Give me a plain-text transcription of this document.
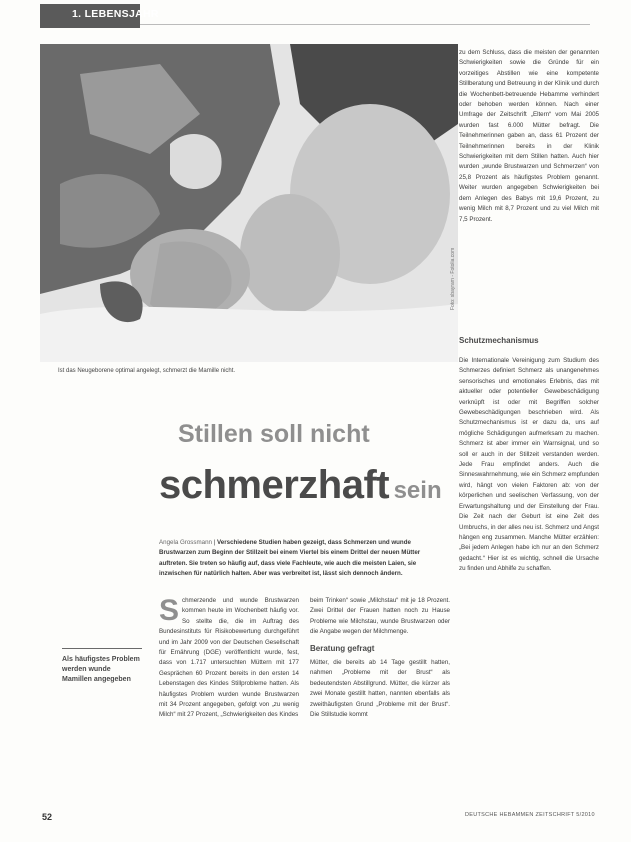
1. LEBENSJAHR
Foto: sbayram - Fotolia.com
Ist das Neugeborene optimal angelegt, schmerzt die Mamille nicht.
Stillen soll nicht
schmerzhaft sein
Angela Grossmann | Verschiedene Studien haben gezeigt, dass Schmerzen und wunde Brustwarzen zum Beginn der Stillzeit bei einem Viertel bis einem Drittel der neuen Mütter auftreten. Sie treten so häufig auf, dass viele Fachleute, wie auch die meisten Laien, sie inzwischen für natürlich halten. Aber was verbreitet ist, lässt sich dennoch ändern.
Als häufigstes Problem werden wunde Mamillen angegeben
S chmerzende und wunde Brustwarzen kommen heute im Wochenbett häufig vor. So stellte die, die im Auftrag des Bundesinstituts für Risikobewertung durchgeführt und im Jahr 2009 von der Deutschen Gesellschaft für Ernährung (DGE) veröffentlicht wurde, fest, dass von 1.717 untersuchten Müttern mit 177 Gesprächen 60 Prozent bereits in den ersten 14 Lebenstagen des Kindes Stillprobleme hatten. Als häufigstes Problem wurden wunde Brustwarzen mit 34 Prozent angegeben, gefolgt von „zu wenig Milch“ mit 27 Prozent, „Schwierigkeiten des Kindes

beim Trinken“ sowie „Milchstau“ mit je 18 Prozent. Zwei Drittel der Frauen hatten noch zu Hause Probleme wie Milchstau, wunde Brustwarzen oder die Angabe wegen der Milchmenge.

Beratung gefragt

Mütter, die bereits ab 14 Tage gestillt hatten, nahmen „Probleme mit der Brust“ als bedeutendsten Abstillgrund. Mütter, die kürzer als zwei Monate gestillt hatten, nannten ebenfalls als zweithäufigsten Grund „Probleme mit der Brust“. Die Stillstudie kommt

zu dem Schluss, dass die meisten der genannten Schwierigkeiten sowie die Gründe für ein vorzeitiges Abstillen wie eine kompetente Stillberatung und Betreuung in der Klinik und durch die Wochenbett-betreuende Hebamme verhindert oder behoben werden können. Nach einer Umfrage der Zeitschrift „Eltern“ vom Mai 2005 wurden fast 6.000 Mütter befragt. Die Teilnehmerinnen gaben an, dass 61 Prozent der Teilnehmerinnen bereits in der Klinik Schwierigkeiten mit dem Stillen hatten. Auch hier wurden „wunde Brustwarzen und Schmerzen“ von 25,8 Prozent als häufigstes Problem genannt. Weiter wurden angegeben Schwierigkeiten bei dem Anlegen des Babys mit 19,6 Prozent, zu wenig Milch mit 8,7 Prozent und zu viel Milch mit 7,5 Prozent.

Schutzmechanismus

Die Internationale Vereinigung zum Studium des Schmerzes definiert Schmerz als unangenehmes sensorisches und emotionales Erlebnis, das mit aktueller oder potentieller Gewebeschädigung verknüpft ist oder mit Begriffen solcher Gewebeschädigungen beschrieben wird. Als Schutzmechanismus ist er dazu da, uns auf mögliche Schädigungen aufmerksam zu machen. Schmerz ist aber immer ein Warnsignal, und so soll er auch in der Stillzeit verstanden werden. Jede Frau empfindet anders. Auch die Sinneswahrnehmung, wie ein Schmerz empfunden wird, hängt von vielen Faktoren ab: von der körperlichen und seelischen Verfassung, von der Erwartungshaltung und der Einstellung der Frau. Die Zeit nach der Geburt ist eine Zeit des Umbruchs, in der alles neu ist. Schmerz und Angst hängen eng zusammen. Manche Mütter erzählen: „Bei jedem Anlegen habe ich nur an den Schmerz gedacht.“ Hier ist es wichtig, schnell die Ursache zu finden und Abhilfe zu schaffen.

52	DEUTSCHE HEBAMMEN ZEITSCHRIFT 5/2010
